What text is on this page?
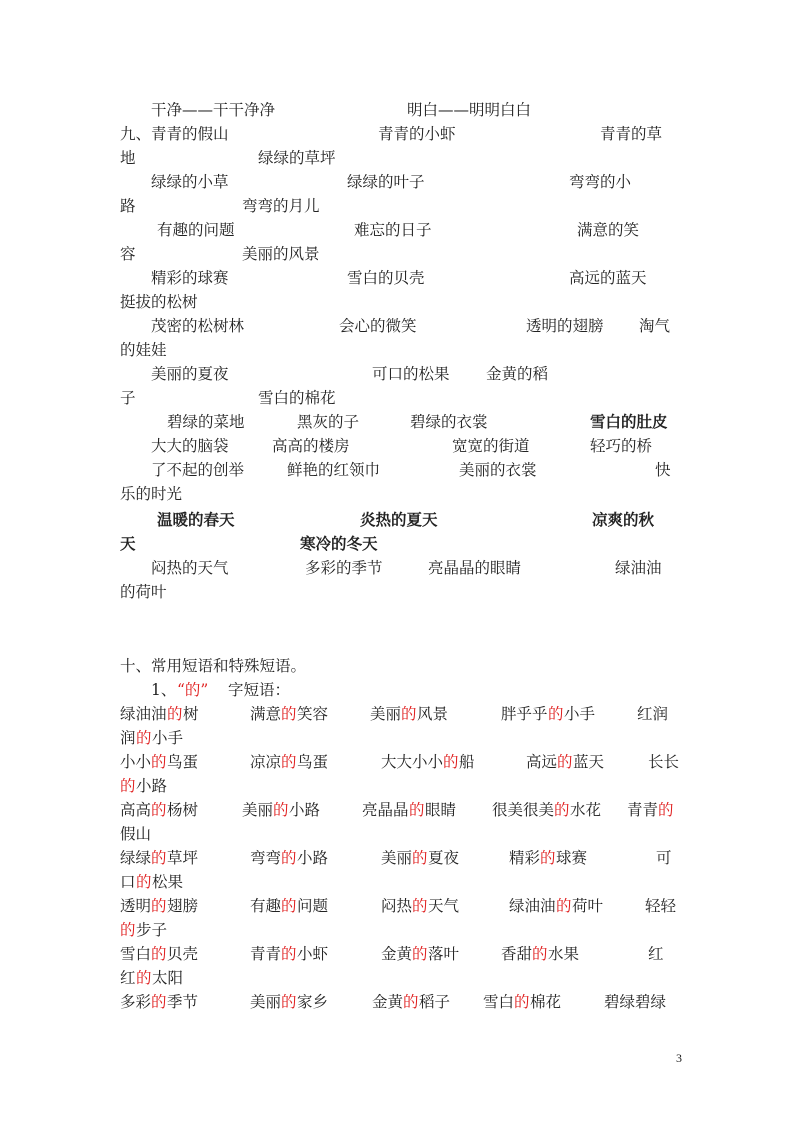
干净——干干净净	明白——明明白白
九、青青的假山	青青的小虾	青青的草
地	绿绿的草坪
绿绿的小草	绿绿的叶子	弯弯的小
路	弯弯的月儿
有趣的问题	难忘的日子	满意的笑
容	美丽的风景
精彩的球赛	雪白的贝壳	高远的蓝天
挺拔的松树
茂密的松树林	会心的微笑	透明的翅膀 淘气
的娃娃
美丽的夏夜	可口的松果 金黄的稻
子	雪白的棉花
碧绿的菜地	黑灰的子	碧绿的衣裳	雪白的肚皮
大大的脑袋	高高的楼房	宽宽的街道	轻巧的桥
了不起的创举	鲜艳的红领巾	美丽的衣裳	快
乐的时光
温暖的春天	炎热的夏天	凉爽的秋
天	寒冷的冬天
闷热的天气	多彩的季节	亮晶晶的眼睛	绿油油
的荷叶
十、常用短语和特殊短语。
1、 “的” 字短语：
绿油油 的 树	满意 的 笑容	美丽 的 风景	胖乎乎 的 小手	红润
润 的 小手
小小 的 鸟蛋	凉凉 的 鸟蛋	大大小小 的 船	高远 的 蓝天	长长
的 小路
高高 的 杨树	美丽 的 小路	亮晶晶 的 眼睛 很美很美 的 水花 青青 的
假山
绿绿 的 草坪	弯弯 的 小路	美丽 的 夏夜	精彩 的 球赛	可
口 的 松果
透明 的 翅膀	有趣 的 问题	闷热 的 天气	绿油油 的 荷叶	轻轻
的 步子
雪白 的 贝壳	青青 的 小虾	金黄 的 落叶	香甜 的 水果	红
红 的 太阳
多彩 的 季节	美丽 的 家乡	金黄 的 稻子 雪白 的 棉花	碧绿碧绿
3
